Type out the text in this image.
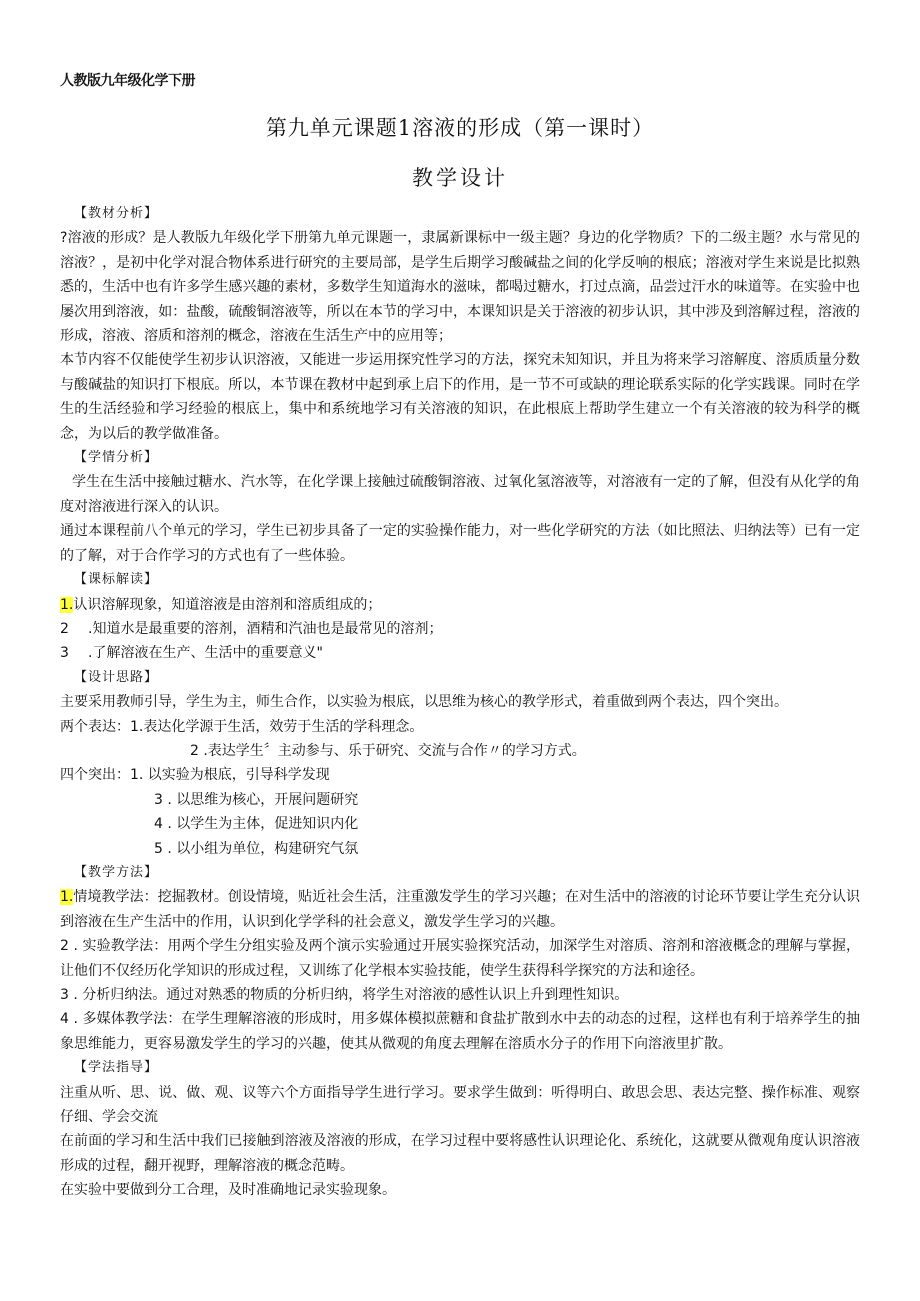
人教版九年级化学下册
第九单元课题1溶液的形成（第一课时）
教学设计
【教材分析】
?溶液的形成？是人教版九年级化学下册第九单元课题一，隶属新课标中一级主题？身边的化学物质？下的二级主题？水与常见的溶液？，是初中化学对混合物体系进行研究的主要局部，是学生后期学习酸碱盐之间的化学反响的根底；溶液对学生来说是比拟熟悉的，生活中也有许多学生感兴趣的素材，多数学生知道海水的滋味，都喝过糖水，打过点滴，品尝过汗水的味道等。在实验中也屡次用到溶液，如：盐酸，硫酸铜溶液等，所以在本节的学习中，本课知识是关于溶液的初步认识，其中涉及到溶解过程，溶液的形成，溶液、溶质和溶剂的概念，溶液在生活生产中的应用等；
本节内容不仅能使学生初步认识溶液，又能进一步运用探究性学习的方法，探究未知知识，并且为将来学习溶解度、溶质质量分数与酸碱盐的知识打下根底。所以，本节课在教材中起到承上启下的作用，是一节不可或缺的理论联系实际的化学实践课。同时在学生的生活经验和学习经验的根底上，集中和系统地学习有关溶液的知识，在此根底上帮助学生建立一个有关溶液的较为科学的概念，为以后的教学做准备。
【学情分析】
学生在生活中接触过糖水、汽水等，在化学课上接触过硫酸铜溶液、过氧化氢溶液等，对溶液有一定的了解，但没有从化学的角度对溶液进行深入的认识。
通过本课程前八个单元的学习，学生已初步具备了一定的实验操作能力，对一些化学研究的方法（如比照法、归纳法等）已有一定的了解，对于合作学习的方式也有了一些体验。
【课标解读】
1.认识溶解现象，知道溶液是由溶剂和溶质组成的；
2 .知道水是最重要的溶剂，酒精和汽油也是最常见的溶剂；
3 .了解溶液在生产、生活中的重要意义"
【设计思路】
主要采用教师引导，学生为主，师生合作，以实验为根底，以思维为核心的教学形式，着重做到两个表达，四个突出。
两个表达：1.表达化学源于生活，效劳于生活的学科理念。
2 .表达学生〞主动参与、乐于研究、交流与合作〃的学习方式。
四个突出：1. 以实验为根底，引导科学发现
3 . 以思维为核心，开展问题研究
4 . 以学生为主体，促进知识内化
5 . 以小组为单位，构建研究气氛
【教学方法】
1.情境教学法：挖掘教材。创设情境，贴近社会生活，注重激发学生的学习兴趣；在对生活中的溶液的讨论环节要让学生充分认识到溶液在生产生活中的作用，认识到化学学科的社会意义，激发学生学习的兴趣。
2 . 实验教学法：用两个学生分组实验及两个演示实验通过开展实验探究活动，加深学生对溶质、溶剂和溶液概念的理解与掌握，让他们不仅经历化学知识的形成过程，又训练了化学根本实验技能，使学生获得科学探究的方法和途径。
3 . 分析归纳法。通过对熟悉的物质的分析归纳，将学生对溶液的感性认识上升到理性知识。
4 . 多媒体教学法：在学生理解溶液的形成时，用多媒体模拟蔗糖和食盐扩散到水中去的动态的过程，这样也有利于培养学生的抽象思维能力，更容易激发学生的学习的兴趣，使其从微观的角度去理解在溶质水分子的作用下向溶液里扩散。
【学法指导】
注重从听、思、说、做、观、议等六个方面指导学生进行学习。要求学生做到：听得明白、敢思会思、表达完整、操作标准、观察仔细、学会交流
在前面的学习和生活中我们已接触到溶液及溶液的形成，在学习过程中要将感性认识理论化、系统化，这就要从微观角度认识溶液形成的过程，翻开视野，理解溶液的概念范畴。
在实验中要做到分工合理，及时准确地记录实验现象。
